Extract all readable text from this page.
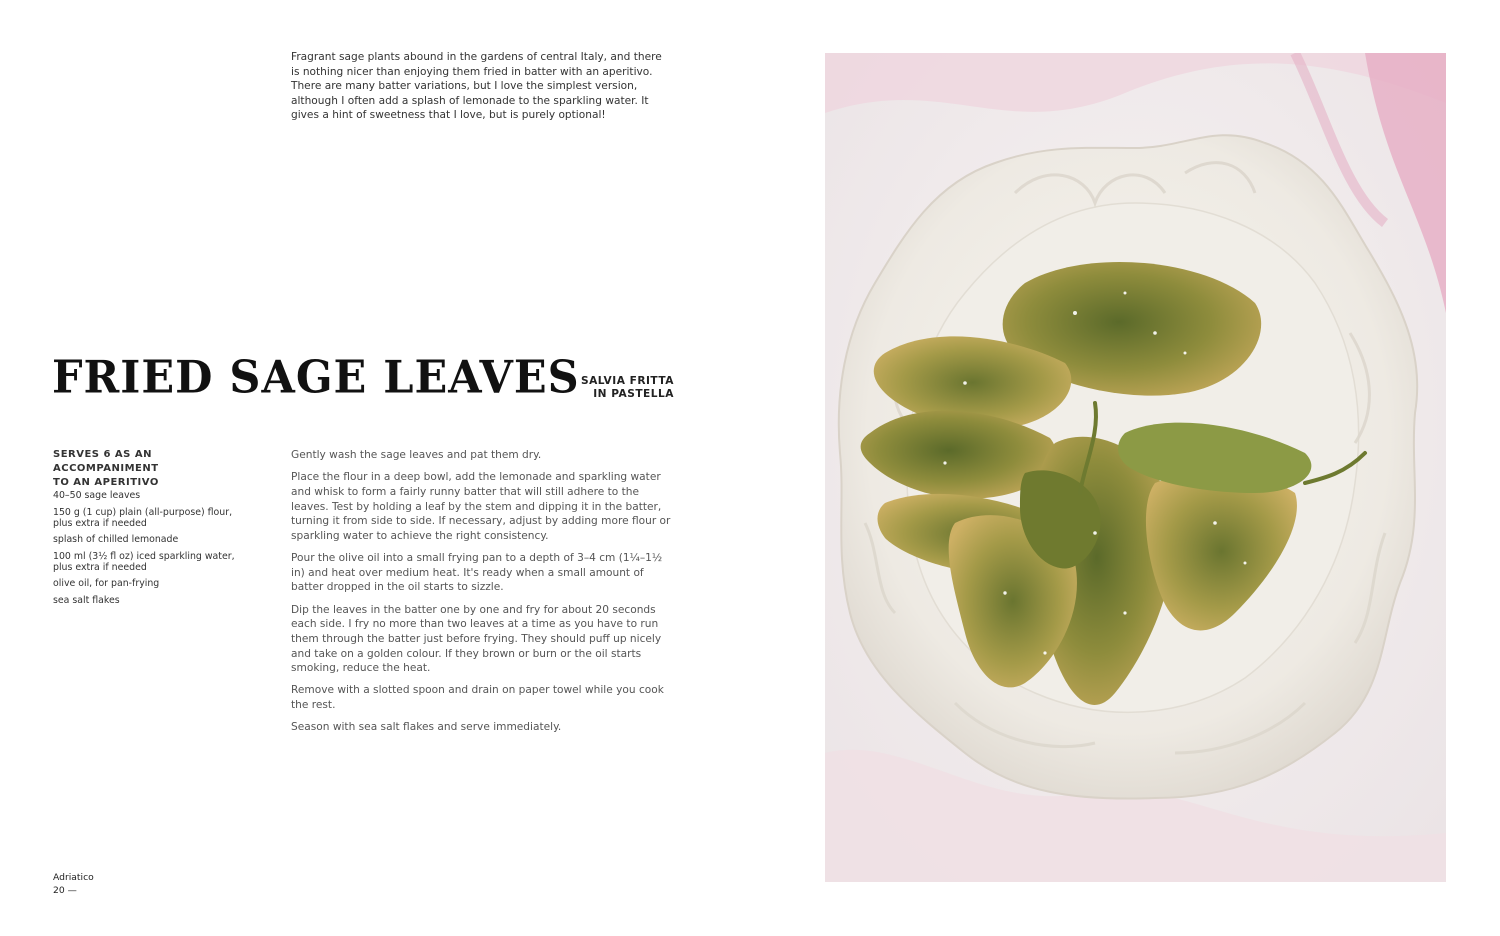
Fragrant sage plants abound in the gardens of central Italy, and there is nothing nicer than enjoying them fried in batter with an aperitivo. There are many batter variations, but I love the simplest version, although I often add a splash of lemonade to the sparkling water. It gives a hint of sweetness that I love, but is purely optional!

FRIED SAGE LEAVES SALVIA FRITTA
IN PASTELLA
SERVES 6 AS AN ACCOMPANIMENT
TO AN APERITIVO
40–50 sage leaves
150 g (1 cup) plain (all-purpose) flour, plus extra if needed
splash of chilled lemonade
100 ml (3½ fl oz) iced sparkling water, plus extra if needed
olive oil, for pan-frying
sea salt flakes

Gently wash the sage leaves and pat them dry.

Place the flour in a deep bowl, add the lemonade and sparkling water and whisk to form a fairly runny batter that will still adhere to the leaves. Test by holding a leaf by the stem and dipping it in the batter, turning it from side to side. If necessary, adjust by adding more flour or sparkling water to achieve the right consistency.

Pour the olive oil into a small frying pan to a depth of 3–4 cm (1¼–1½ in) and heat over medium heat. It's ready when a small amount of batter dropped in the oil starts to sizzle.

Dip the leaves in the batter one by one and fry for about 20 seconds each side. I fry no more than two leaves at a time as you have to run them through the batter just before frying. They should puff up nicely and take on a golden colour. If they brown or burn or the oil starts smoking, reduce the heat.

Remove with a slotted spoon and drain on paper towel while you cook the rest.

Season with sea salt flakes and serve immediately.

Adriatico
20 —
